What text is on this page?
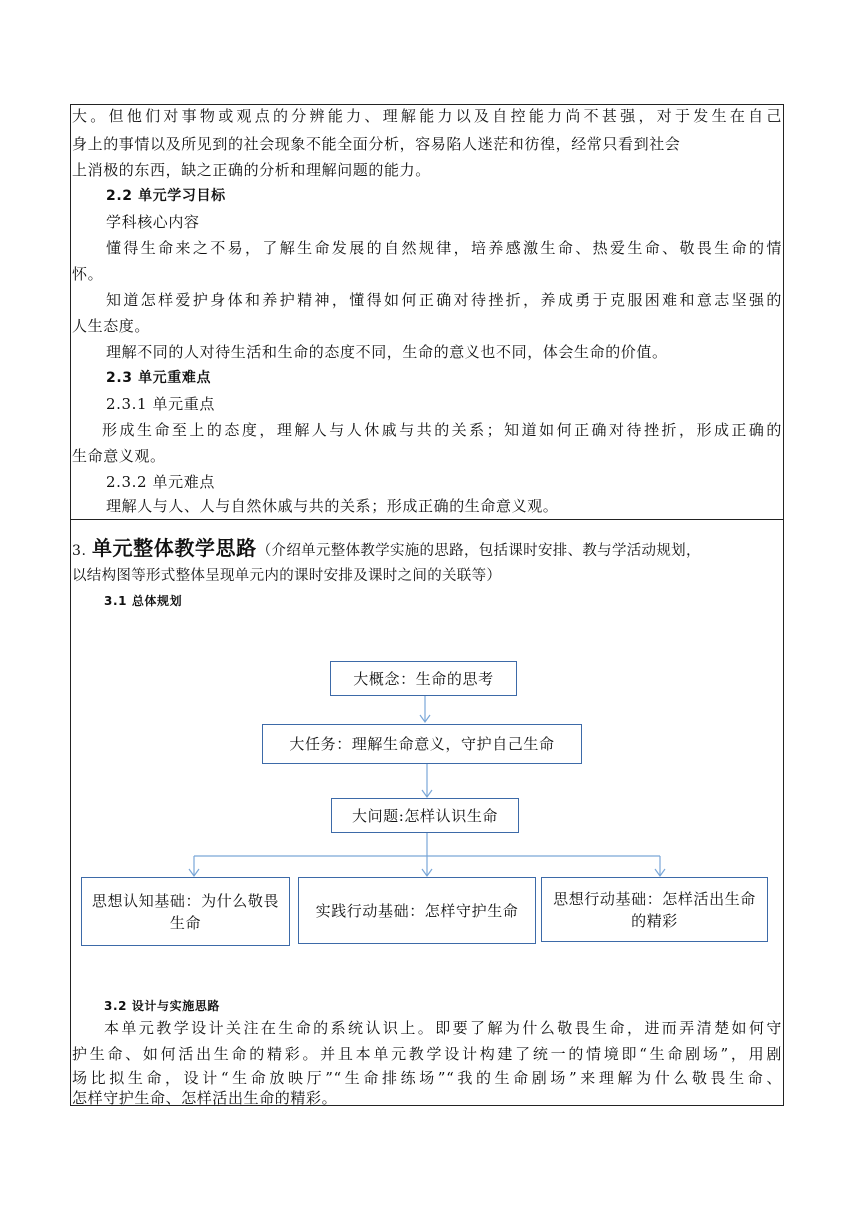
大。但他们对事物或观点的分辨能力、理解能力以及自控能力尚不甚强，对于发生在自己
身上的事情以及所见到的社会现象不能全面分析，容易陷人迷茫和彷徨，经常只看到社会
上消极的东西，缺之正确的分析和理解问题的能力。
2.2 单元学习目标
学科核心内容
懂得生命来之不易，了解生命发展的自然规律，培养感激生命、热爱生命、敬畏生命的情
怀。
知道怎样爱护身体和养护精神，懂得如何正确对待挫折，养成勇于克服困难和意志坚强的
人生态度。
理解不同的人对待生活和生命的态度不同，生命的意义也不同，体会生命的价值。
2.3 单元重难点
2.3.1 单元重点
形成生命至上的态度，理解人与人休戚与共的关系；知道如何正确对待挫折，形成正确的
生命意义观。
2.3.2 单元难点
理解人与人、人与自然休戚与共的关系；形成正确的生命意义观。
3. 单元整体教学思路（介绍单元整体教学实施的思路，包括课时安排、教与学活动规划，
以结构图等形式整体呈现单元内的课时安排及课时之间的关联等）
3.1 总体规划
大概念：生命的思考
大任务：理解生命意义，守护自己生命
大问题:怎样认识生命
思想认知基础：为什么敬畏生命
实践行动基础：怎样守护生命
思想行动基础：怎样活出生命的精彩
3.2 设计与实施思路
本单元教学设计关注在生命的系统认识上。即要了解为什么敬畏生命，进而弄清楚如何守
护生命、如何活出生命的精彩。并且本单元教学设计构建了统一的情境即“生命剧场”，用剧
场比拟生命，设计“生命放映厅”“生命排练场”“我的生命剧场”来理解为什么敬畏生命、
怎样守护生命、怎样活出生命的精彩。
